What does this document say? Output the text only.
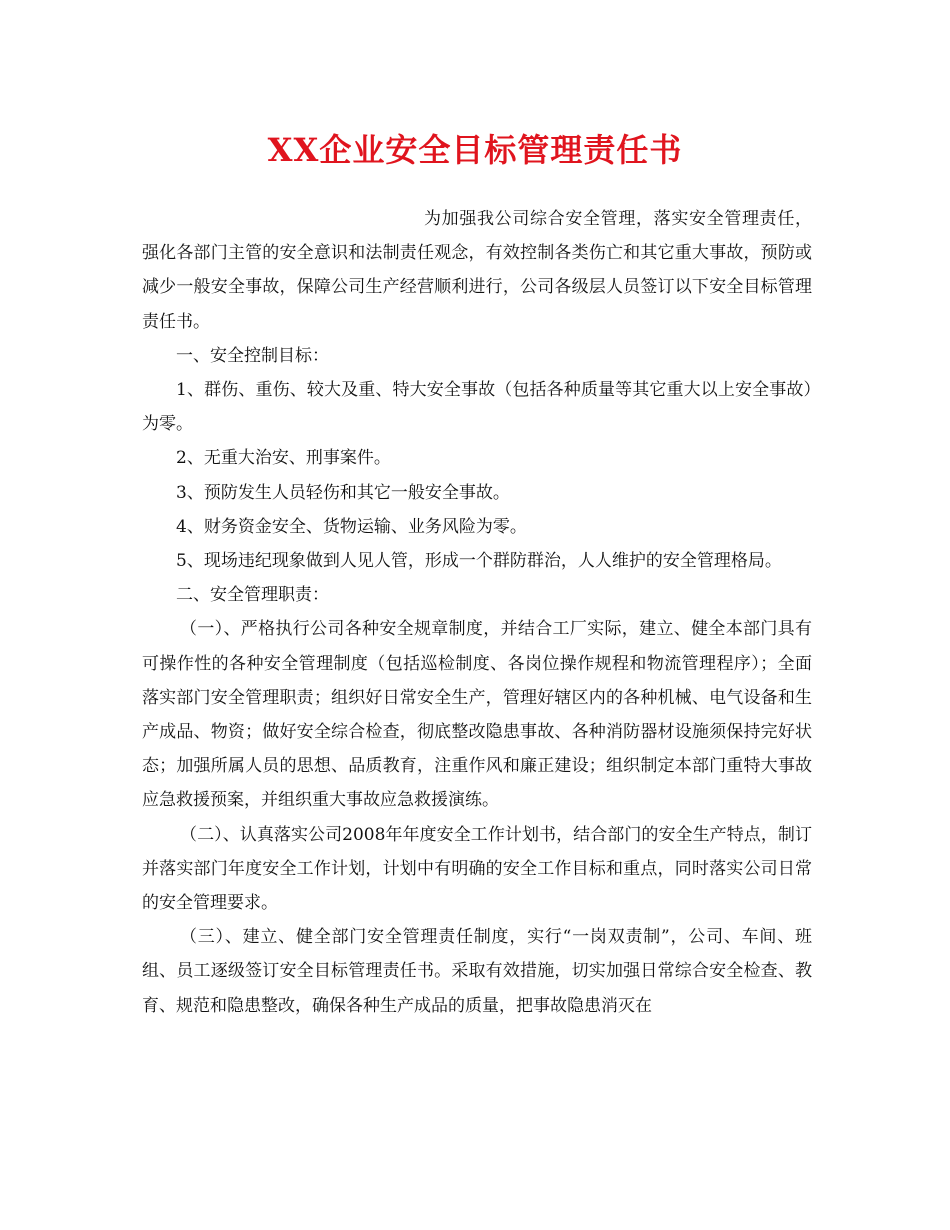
XX企业安全目标管理责任书

为加强我公司综合安全管理，落实安全管理责任，强化各部门主管的安全意识和法制责任观念，有效控制各类伤亡和其它重大事故，预防或减少一般安全事故，保障公司生产经营顺利进行，公司各级层人员签订以下安全目标管理责任书。

一、安全控制目标：

1、群伤、重伤、较大及重、特大安全事故（包括各种质量等其它重大以上安全事故）为零。

2、无重大治安、刑事案件。

3、预防发生人员轻伤和其它一般安全事故。

4、财务资金安全、货物运输、业务风险为零。

5、现场违纪现象做到人见人管，形成一个群防群治，人人维护的安全管理格局。

二、安全管理职责：

（一）、严格执行公司各种安全规章制度，并结合工厂实际，建立、健全本部门具有可操作性的各种安全管理制度（包括巡检制度、各岗位操作规程和物流管理程序）；全面落实部门安全管理职责；组织好日常安全生产，管理好辖区内的各种机械、电气设备和生产成品、物资；做好安全综合检查，彻底整改隐患事故、各种消防器材设施须保持完好状态；加强所属人员的思想、品质教育，注重作风和廉正建设；组织制定本部门重特大事故应急救援预案，并组织重大事故应急救援演练。

（二）、认真落实公司2008年年度安全工作计划书，结合部门的安全生产特点，制订并落实部门年度安全工作计划，计划中有明确的安全工作目标和重点，同时落实公司日常的安全管理要求。

（三）、建立、健全部门安全管理责任制度，实行“一岗双责制”，公司、车间、班组、员工逐级签订安全目标管理责任书。采取有效措施，切实加强日常综合安全检查、教育、规范和隐患整改，确保各种生产成品的质量，把事故隐患消灭在
